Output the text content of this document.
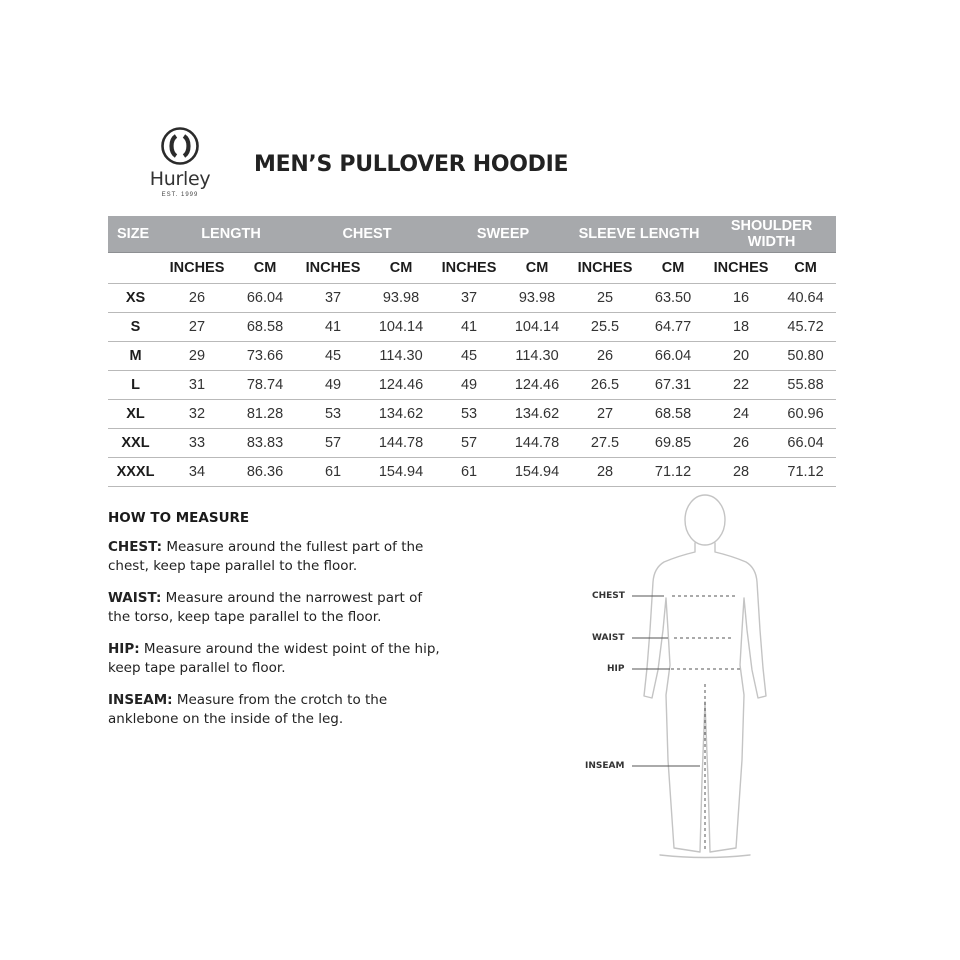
Hurley
EST. 1999
MEN’S PULLOVER HOODIE
SIZE	LENGTH		CHEST		SWEEP		SLEEVE LENGTH		SHOULDER WIDTH	
	INCHES	CM	INCHES	CM	INCHES	CM	INCHES	CM	INCHES	CM
XS	26	66.04	37	93.98	37	93.98	25	63.50	16	40.64
S	27	68.58	41	104.14	41	104.14	25.5	64.77	18	45.72
M	29	73.66	45	114.30	45	114.30	26	66.04	20	50.80
L	31	78.74	49	124.46	49	124.46	26.5	67.31	22	55.88
XL	32	81.28	53	134.62	53	134.62	27	68.58	24	60.96
XXL	33	83.83	57	144.78	57	144.78	27.5	69.85	26	66.04
XXXL	34	86.36	61	154.94	61	154.94	28	71.12	28	71.12

HOW TO MEASURE

CHEST: Measure around the fullest part of the chest, keep tape parallel to the floor.

WAIST: Measure around the narrowest part of the torso, keep tape parallel to the floor.

HIP: Measure around the widest point of the hip, keep tape parallel to floor.

INSEAM: Measure from the crotch to the anklebone on the inside of the leg.

CHEST
WAIST
HIP
INSEAM
